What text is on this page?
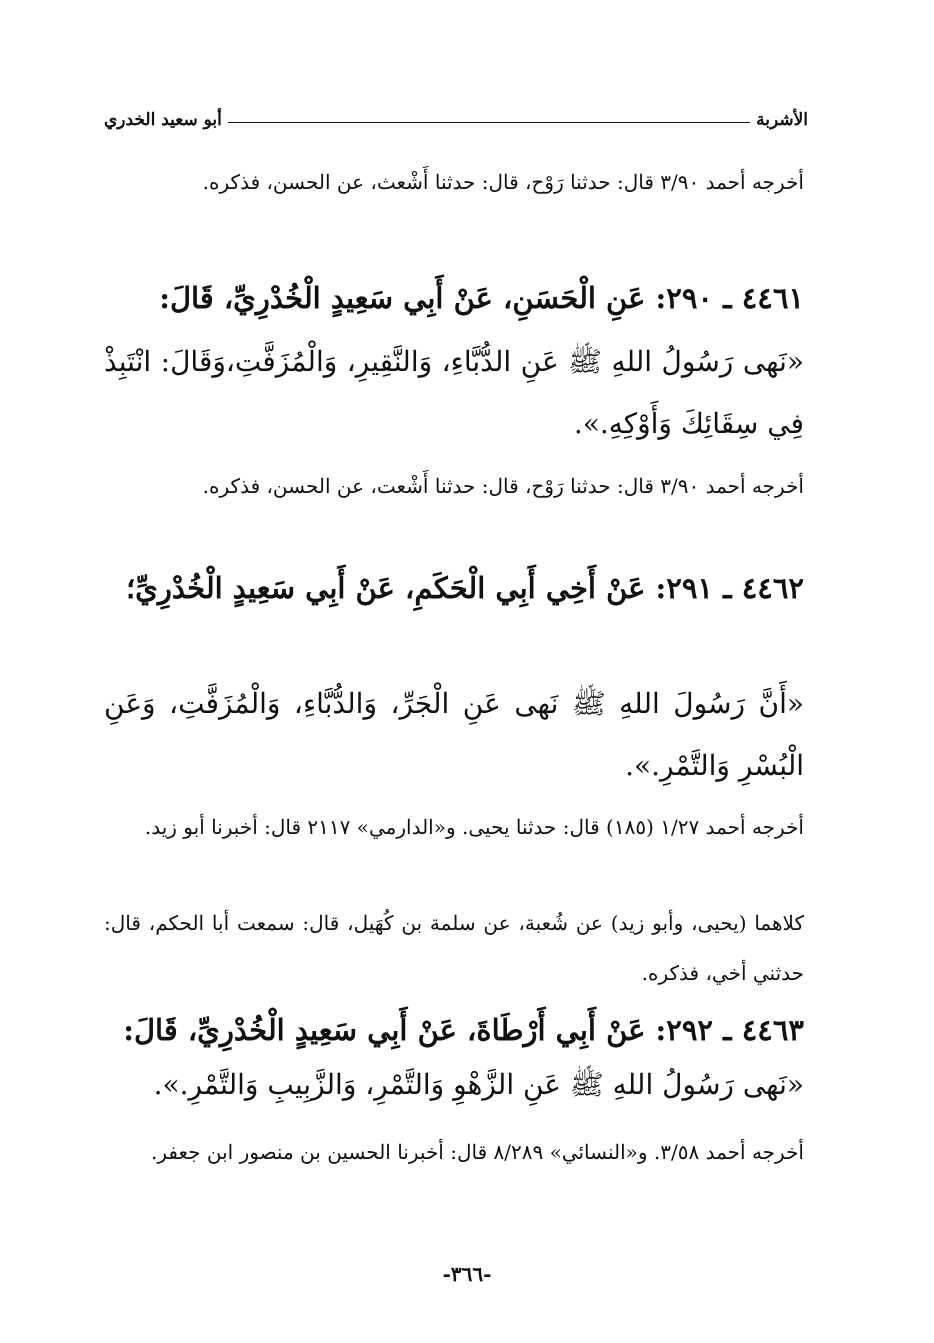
الأشربة
أبو سعيد الخدري
أخرجه أحمد ٣/٩٠ قال: حدثنا رَوْح، قال: حدثنا أَشْعث، عن الحسن، فذكره.
٤٤٦١ ـ ٢٩٠: عَنِ الْحَسَنِ، عَنْ أَبِي سَعِيدٍ الْخُدْرِيِّ، قَالَ:
«نَهى رَسُولُ اللهِ ﷺ عَنِ الدُّبَّاءِ، وَالنَّقِيرِ، وَالْمُزَفَّتِ،وَقَالَ: انْتَبِذْ فِي سِقَائِكَ وَأَوْكِهِ.».
أخرجه أحمد ٣/٩٠ قال: حدثنا رَوْح، قال: حدثنا أَشْعت، عن الحسن، فذكره.
٤٤٦٢ ـ ٢٩١: عَنْ أَخِي أَبِي الْحَكَمِ، عَنْ أَبِي سَعِيدٍ الْخُدْرِيِّ؛
«أَنَّ رَسُولَ اللهِ ﷺ نَهى عَنِ الْجَرِّ، وَالدُّبَّاءِ، وَالْمُزَفَّتِ، وَعَنِ الْبُسْرِ وَالتَّمْرِ.».
أخرجه أحمد ١/٢٧ (١٨٥) قال: حدثنا يحيى. و«الدارمي» ٢١١٧ قال: أخبرنا أبو زيد.
كلاهما (يحيى، وأبو زيد) عن شُعبة، عن سلمة بن كُهَيل، قال: سمعت أبا الحكم، قال: حدثني أخي، فذكره.
٤٤٦٣ ـ ٢٩٢: عَنْ أَبِي أَرْطَاةَ، عَنْ أَبِي سَعِيدٍ الْخُدْرِيِّ، قَالَ:
«نَهى رَسُولُ اللهِ ﷺ عَنِ الزَّهْوِ وَالتَّمْرِ، وَالزَّبِيبِ وَالتَّمْرِ.».
أخرجه أحمد ٣/٥٨. و«النسائي» ٨/٢٨٩ قال: أخبرنا الحسين بن منصور ابن جعفر.
-٣٦٦-
